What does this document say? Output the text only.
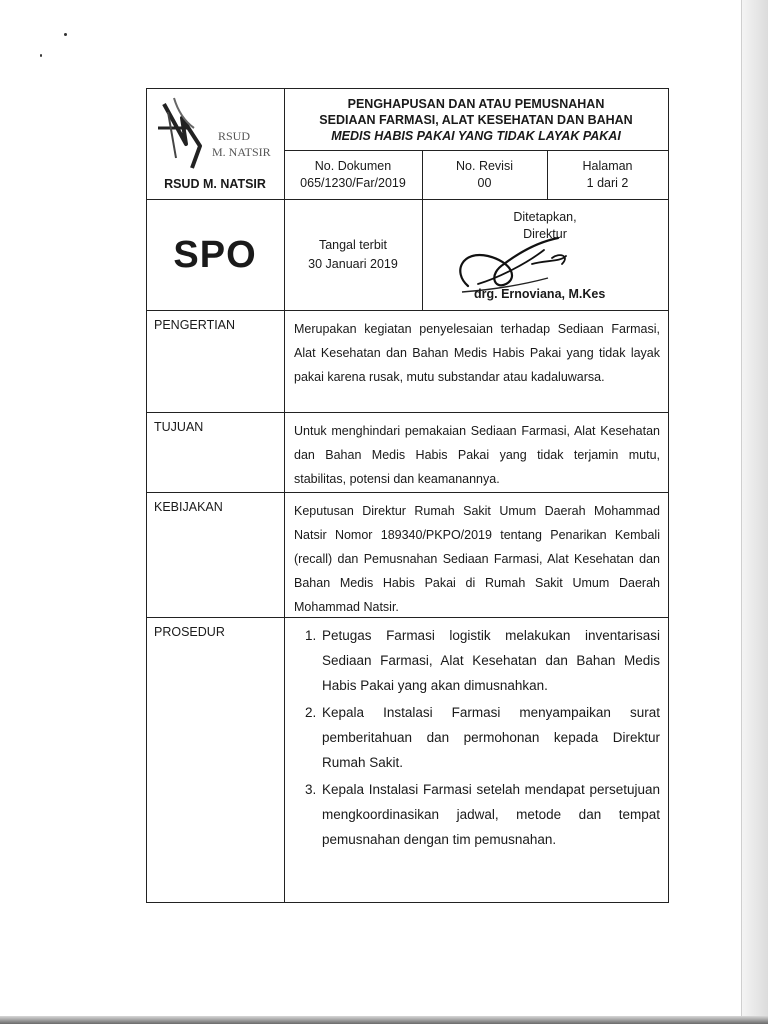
RSUD
M. NATSIR
RSUD M. NATSIR
PENGHAPUSAN DAN ATAU PEMUSNAHAN
SEDIAAN FARMASI, ALAT KESEHATAN DAN BAHAN
MEDIS HABIS PAKAI YANG TIDAK LAYAK PAKAI
No. Dokumen
065/1230/Far/2019
No. Revisi
00
Halaman
1 dari 2
SPO	Tangal terbit
30 Januari 2019
Ditetapkan,
Direktur
drg. Ernoviana, M.Kes
PENGERTIAN	Merupakan kegiatan penyelesaian terhadap Sediaan Farmasi, Alat Kesehatan dan Bahan Medis Habis Pakai yang tidak layak pakai karena rusak, mutu substandar atau kadaluwarsa.
TUJUAN	Untuk menghindari pemakaian Sediaan Farmasi, Alat Kesehatan dan Bahan Medis Habis Pakai yang tidak terjamin mutu, stabilitas, potensi dan keamanannya.
KEBIJAKAN	Keputusan Direktur Rumah Sakit Umum Daerah Mohammad Natsir Nomor 189340/PKPO/2019 tentang Penarikan Kembali (recall) dan Pemusnahan Sediaan Farmasi, Alat Kesehatan dan Bahan Medis Habis Pakai di Rumah Sakit Umum Daerah Mohammad Natsir.
PROSEDUR
1.	Petugas Farmasi logistik melakukan inventarisasi Sediaan Farmasi, Alat Kesehatan dan Bahan Medis Habis Pakai yang akan dimusnahkan.
2. Kepala Instalasi Farmasi menyampaikan surat pemberitahuan dan permohonan kepada Direktur Rumah Sakit.
3. Kepala Instalasi Farmasi setelah mendapat persetujuan mengkoordinasikan jadwal, metode dan tempat pemusnahan dengan tim pemusnahan.
